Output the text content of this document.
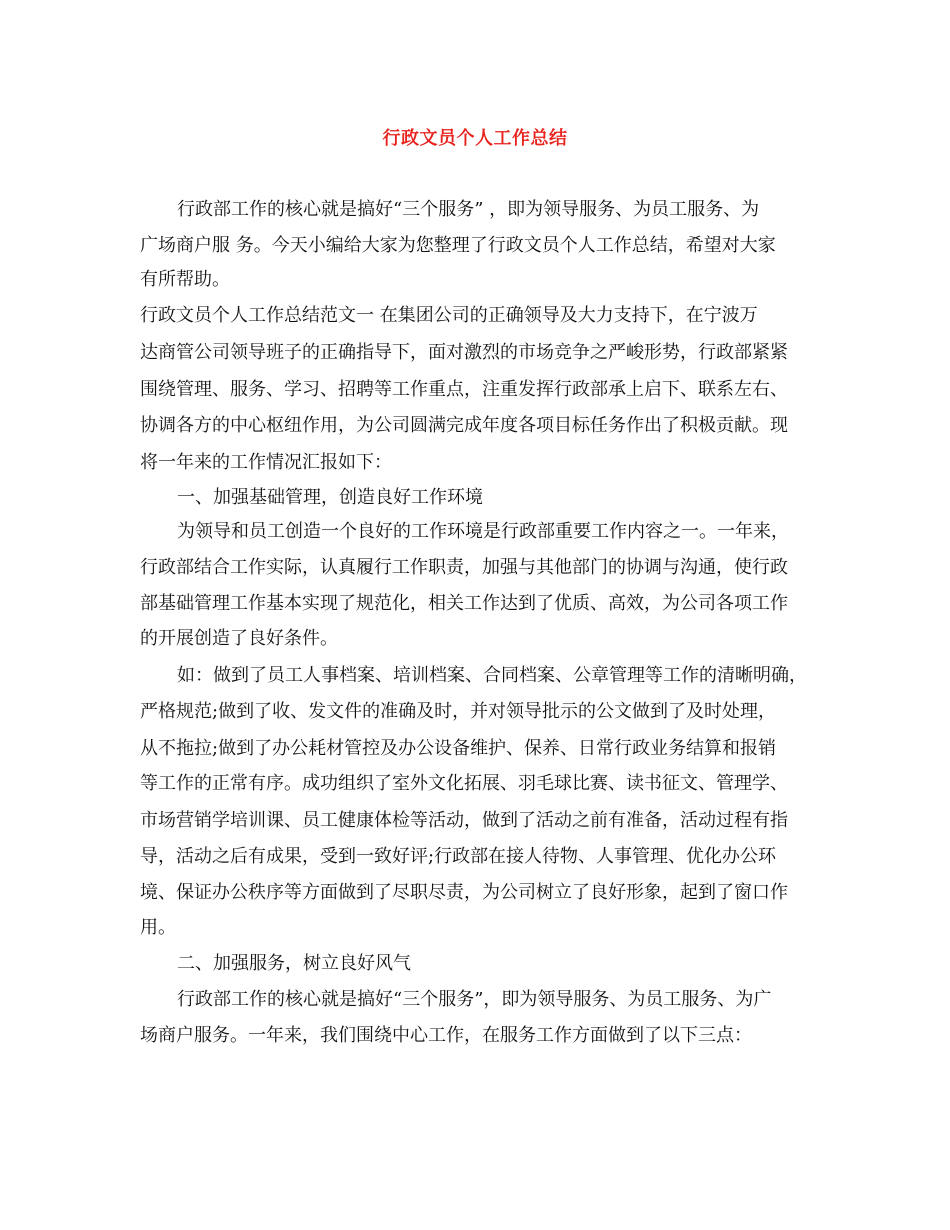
行政文员个人工作总结
行政部工作的核心就是搞好“三个服务” ，即为领导服务、为员工服务、为
广场商户服 务。今天小编给大家为您整理了行政文员个人工作总结，希望对大家
有所帮助。
行政文员个人工作总结范文一 在集团公司的正确领导及大力支持下，在宁波万
达商管公司领导班子的正确指导下，面对激烈的市场竞争之严峻形势，行政部紧紧
围绕管理、服务、学习、招聘等工作重点，注重发挥行政部承上启下、联系左右、
协调各方的中心枢纽作用，为公司圆满完成年度各项目标任务作出了积极贡献。现
将一年来的工作情况汇报如下：
一、加强基础管理，创造良好工作环境
为领导和员工创造一个良好的工作环境是行政部重要工作内容之一。一年来，
行政部结合工作实际，认真履行工作职责，加强与其他部门的协调与沟通，使行政
部基础管理工作基本实现了规范化，相关工作达到了优质、高效，为公司各项工作
的开展创造了良好条件。
如：做到了员工人事档案、培训档案、合同档案、公章管理等工作的清晰明确，
严格规范;做到了收、发文件的准确及时，并对领导批示的公文做到了及时处理，
从不拖拉;做到了办公耗材管控及办公设备维护、保养、日常行政业务结算和报销
等工作的正常有序。成功组织了室外文化拓展、羽毛球比赛、读书征文、管理学、
市场营销学培训课、员工健康体检等活动，做到了活动之前有准备，活动过程有指
导，活动之后有成果，受到一致好评;行政部在接人待物、人事管理、优化办公环
境、保证办公秩序等方面做到了尽职尽责，为公司树立了良好形象，起到了窗口作
用。
二、加强服务，树立良好风气
行政部工作的核心就是搞好“三个服务”，即为领导服务、为员工服务、为广
场商户服务。一年来，我们围绕中心工作，在服务工作方面做到了以下三点：
